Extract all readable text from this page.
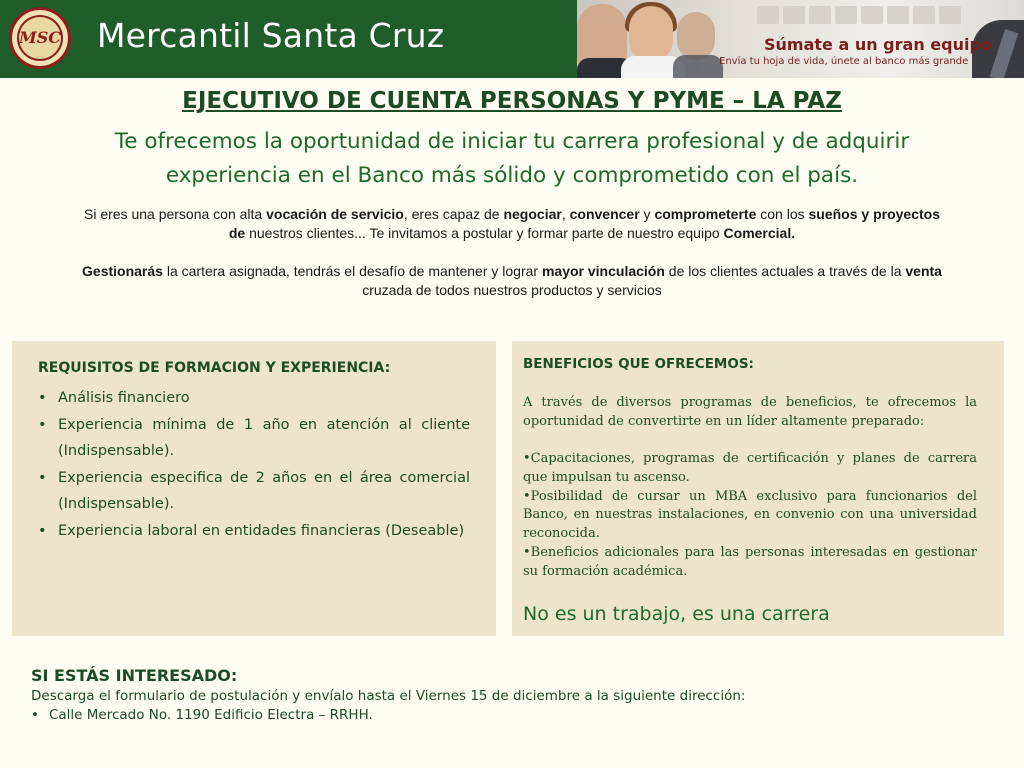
MSC Mercantil Santa Cruz	Súmate a un gran equipo
Envía tu hoja de vida, únete al banco más grande
EJECUTIVO DE CUENTA PERSONAS Y PYME – LA PAZ
Te ofrecemos la oportunidad de iniciar tu carrera profesional y de adquirir experiencia en el Banco más sólido y comprometido con el país.
Si eres una persona con alta vocación de servicio, eres capaz de negociar, convencer y comprometerte con los sueños y proyectos de nuestros clientes... Te invitamos a postular y formar parte de nuestro equipo Comercial.
Gestionarás la cartera asignada, tendrás el desafío de mantener y lograr mayor vinculación de los clientes actuales a través de la venta cruzada de todos nuestros productos y servicios
REQUISITOS DE FORMACION Y EXPERIENCIA:
• Análisis financiero
• Experiencia mínima de 1 año en atención al cliente (Indispensable).
• Experiencia especifica de 2 años en el área comercial (Indispensable).
• Experiencia laboral en entidades financieras (Deseable)
BENEFICIOS QUE OFRECEMOS:
A través de diversos programas de beneficios, te ofrecemos la oportunidad de convertirte en un líder altamente preparado:
•Capacitaciones, programas de certificación y planes de carrera que impulsan tu ascenso.
•Posibilidad de cursar un MBA exclusivo para funcionarios del Banco, en nuestras instalaciones, en convenio con una universidad reconocida.
•Beneficios adicionales para las personas interesadas en gestionar su formación académica.
No es un trabajo, es una carrera
SI ESTÁS INTERESADO:
Descarga el formulario de postulación y envíalo hasta el Viernes 15 de diciembre a la siguiente dirección:
• Calle Mercado No. 1190 Edificio Electra – RRHH.
